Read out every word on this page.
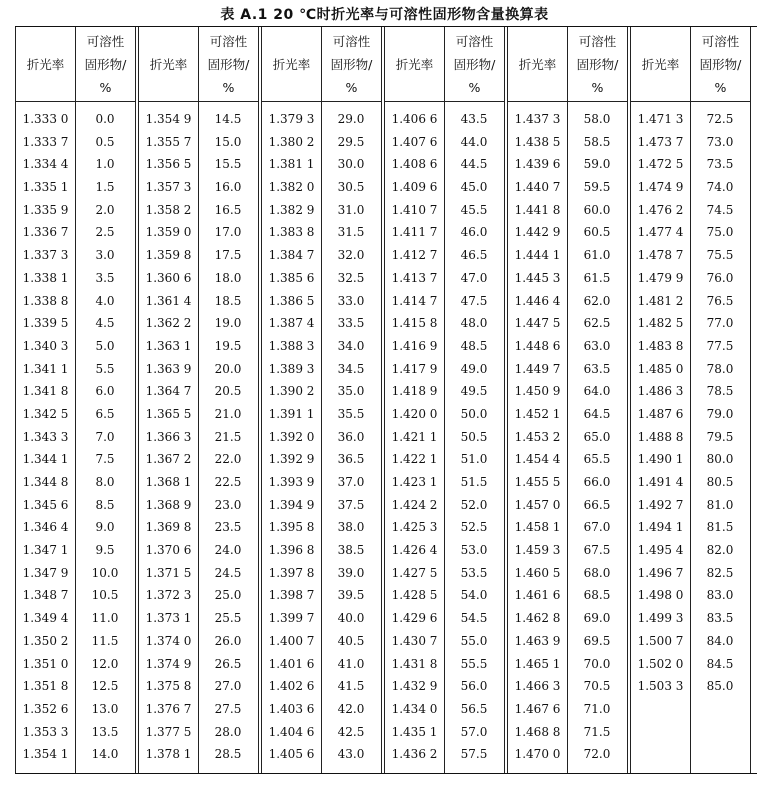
表 A.1 20 ℃时折光率与可溶性固形物含量换算表
折光率
可溶性
固形物/
%
1.333 0	0.0
1.333 7	0.5
1.334 4	1.0
1.335 1	1.5
1.335 9	2.0
1.336 7	2.5
1.337 3	3.0
1.338 1	3.5
1.338 8	4.0
1.339 5	4.5
1.340 3	5.0
1.341 1	5.5
1.341 8	6.0
1.342 5	6.5
1.343 3	7.0
1.344 1	7.5
1.344 8	8.0
1.345 6	8.5
1.346 4	9.0
1.347 1	9.5
1.347 9	10.0
1.348 7	10.5
1.349 4	11.0
1.350 2	11.5
1.351 0	12.0
1.351 8	12.5
1.352 6	13.0
1.353 3	13.5
1.354 1	14.0
折光率
可溶性
固形物/
%
1.354 9	14.5
1.355 7	15.0
1.356 5	15.5
1.357 3	16.0
1.358 2	16.5
1.359 0	17.0
1.359 8	17.5
1.360 6	18.0
1.361 4	18.5
1.362 2	19.0
1.363 1	19.5
1.363 9	20.0
1.364 7	20.5
1.365 5	21.0
1.366 3	21.5
1.367 2	22.0
1.368 1	22.5
1.368 9	23.0
1.369 8	23.5
1.370 6	24.0
1.371 5	24.5
1.372 3	25.0
1.373 1	25.5
1.374 0	26.0
1.374 9	26.5
1.375 8	27.0
1.376 7	27.5
1.377 5	28.0
1.378 1	28.5
折光率
可溶性
固形物/
%
1.379 3	29.0
1.380 2	29.5
1.381 1	30.0
1.382 0	30.5
1.382 9	31.0
1.383 8	31.5
1.384 7	32.0
1.385 6	32.5
1.386 5	33.0
1.387 4	33.5
1.388 3	34.0
1.389 3	34.5
1.390 2	35.0
1.391 1	35.5
1.392 0	36.0
1.392 9	36.5
1.393 9	37.0
1.394 9	37.5
1.395 8	38.0
1.396 8	38.5
1.397 8	39.0
1.398 7	39.5
1.399 7	40.0
1.400 7	40.5
1.401 6	41.0
1.402 6	41.5
1.403 6	42.0
1.404 6	42.5
1.405 6	43.0
折光率
可溶性
固形物/
%
1.406 6	43.5
1.407 6	44.0
1.408 6	44.5
1.409 6	45.0
1.410 7	45.5
1.411 7	46.0
1.412 7	46.5
1.413 7	47.0
1.414 7	47.5
1.415 8	48.0
1.416 9	48.5
1.417 9	49.0
1.418 9	49.5
1.420 0	50.0
1.421 1	50.5
1.422 1	51.0
1.423 1	51.5
1.424 2	52.0
1.425 3	52.5
1.426 4	53.0
1.427 5	53.5
1.428 5	54.0
1.429 6	54.5
1.430 7	55.0
1.431 8	55.5
1.432 9	56.0
1.434 0	56.5
1.435 1	57.0
1.436 2	57.5
折光率
可溶性
固形物/
%
1.437 3	58.0
1.438 5	58.5
1.439 6	59.0
1.440 7	59.5
1.441 8	60.0
1.442 9	60.5
1.444 1	61.0
1.445 3	61.5
1.446 4	62.0
1.447 5	62.5
1.448 6	63.0
1.449 7	63.5
1.450 9	64.0
1.452 1	64.5
1.453 2	65.0
1.454 4	65.5
1.455 5	66.0
1.457 0	66.5
1.458 1	67.0
1.459 3	67.5
1.460 5	68.0
1.461 6	68.5
1.462 8	69.0
1.463 9	69.5
1.465 1	70.0
1.466 3	70.5
1.467 6	71.0
1.468 8	71.5
1.470 0	72.0
折光率
可溶性
固形物/
%
1.471 3	72.5
1.473 7	73.0
1.472 5	73.5
1.474 9	74.0
1.476 2	74.5
1.477 4	75.0
1.478 7	75.5
1.479 9	76.0
1.481 2	76.5
1.482 5	77.0
1.483 8	77.5
1.485 0	78.0
1.486 3	78.5
1.487 6	79.0
1.488 8	79.5
1.490 1	80.0
1.491 4	80.5
1.492 7	81.0
1.494 1	81.5
1.495 4	82.0
1.496 7	82.5
1.498 0	83.0
1.499 3	83.5
1.500 7	84.0
1.502 0	84.5
1.503 3	85.0
